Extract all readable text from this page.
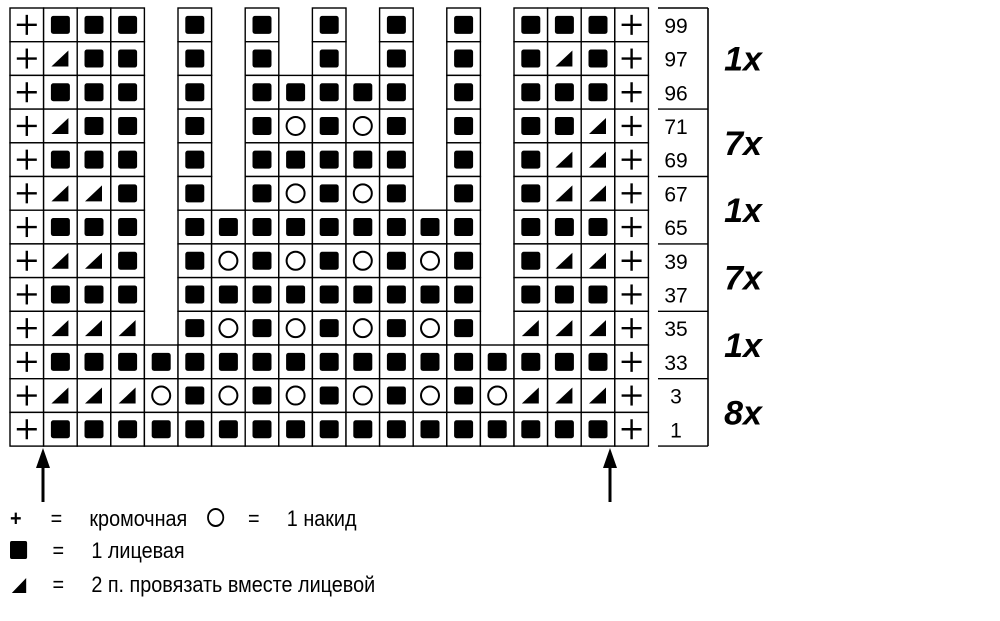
99
97
96
71
69
67
65
39
37
35
33
3
1
1x
7x
1x
7x
1x
8x
+ = кромочная	= 1 накид
= 1 лицевая
= 2 п. провязать вместе лицевой
